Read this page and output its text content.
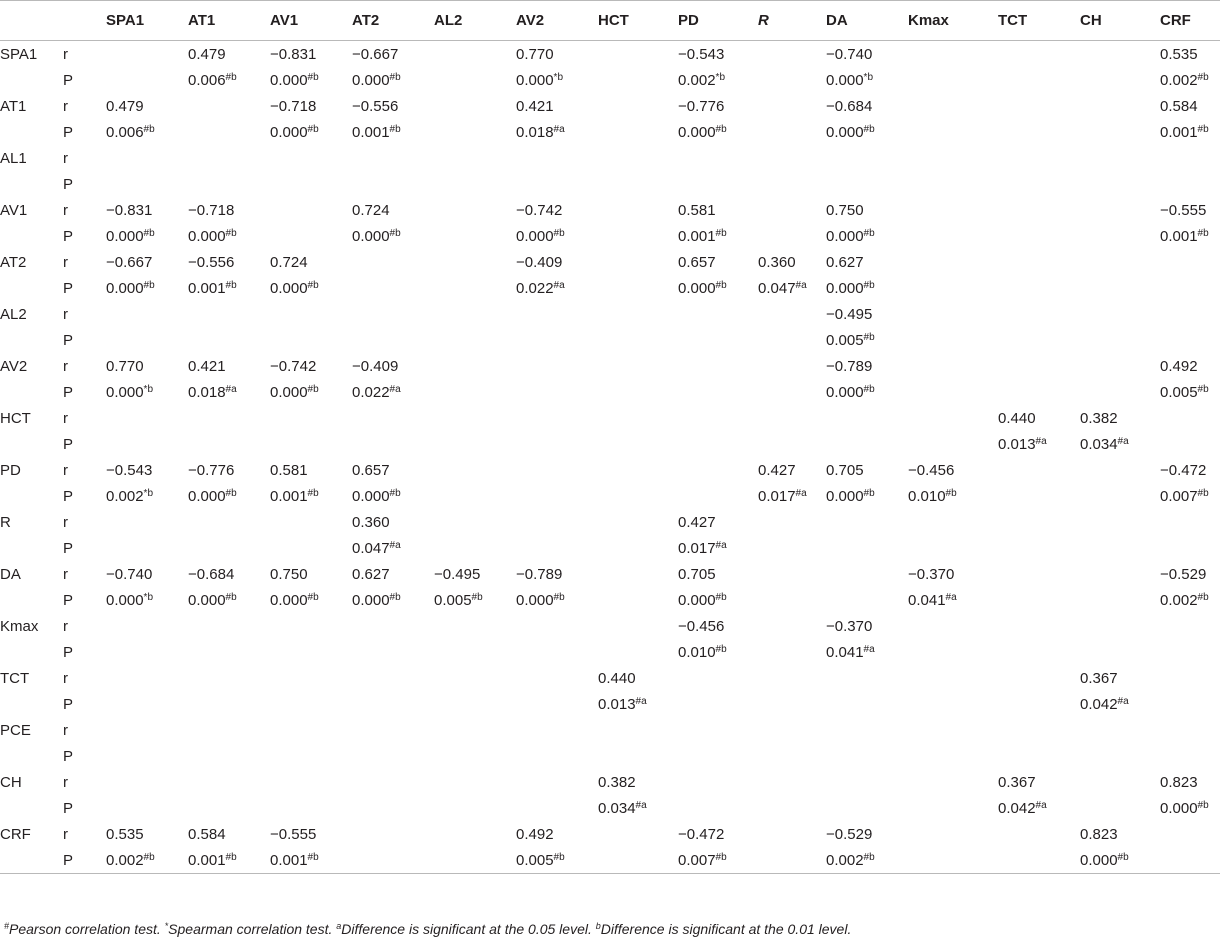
		SPA1	AT1	AV1	AT2	AL2	AV2	HCT	PD	R	DA	Kmax	TCT	CH	CRF
SPA1	r		0.479	−0.831	−0.667		0.770		−0.543		−0.740				0.535
	P		0.006$^{\#b}$	0.000$^{\#b}$	0.000$^{\#b}$		0.000$^{*b}$		0.002$^{*b}$		0.000$^{*b}$				0.002$^{\#b}$
AT1	r	0.479		−0.718	−0.556		0.421		−0.776		−0.684				0.584
	P	0.006$^{\#b}$		0.000$^{\#b}$	0.001$^{\#b}$		0.018$^{\#a}$		0.000$^{\#b}$		0.000$^{\#b}$				0.001$^{\#b}$
AL1	r														
	P														
AV1	r	−0.831	−0.718		0.724		−0.742		0.581		0.750				−0.555
	P	0.000$^{\#b}$	0.000$^{\#b}$		0.000$^{\#b}$		0.000$^{\#b}$		0.001$^{\#b}$		0.000$^{\#b}$				0.001$^{\#b}$
AT2	r	−0.667	−0.556	0.724			−0.409		0.657	0.360	0.627				
	P	0.000$^{\#b}$	0.001$^{\#b}$	0.000$^{\#b}$			0.022$^{\#a}$		0.000$^{\#b}$	0.047$^{\#a}$	0.000$^{\#b}$				
AL2	r										−0.495				
	P										0.005$^{\#b}$				
AV2	r	0.770	0.421	−0.742	−0.409						−0.789				0.492
	P	0.000$^{*b}$	0.018$^{\#a}$	0.000$^{\#b}$	0.022$^{\#a}$						0.000$^{\#b}$				0.005$^{\#b}$
HCT	r												0.440	0.382	
	P												0.013$^{\#a}$	0.034$^{\#a}$	
PD	r	−0.543	−0.776	0.581	0.657					0.427	0.705	−0.456			−0.472
	P	0.002$^{*b}$	0.000$^{\#b}$	0.001$^{\#b}$	0.000$^{\#b}$					0.017$^{\#a}$	0.000$^{\#b}$	0.010$^{\#b}$			0.007$^{\#b}$
R	r				0.360				0.427						
	P				0.047$^{\#a}$				0.017$^{\#a}$						
DA	r	−0.740	−0.684	0.750	0.627	−0.495	−0.789		0.705			−0.370			−0.529
	P	0.000$^{*b}$	0.000$^{\#b}$	0.000$^{\#b}$	0.000$^{\#b}$	0.005$^{\#b}$	0.000$^{\#b}$		0.000$^{\#b}$			0.041$^{\#a}$			0.002$^{\#b}$
Kmax	r								−0.456		−0.370				
	P								0.010$^{\#b}$		0.041$^{\#a}$				
TCT	r							0.440						0.367	
	P							0.013$^{\#a}$						0.042$^{\#a}$	
PCE	r														
	P														
CH	r							0.382					0.367		0.823
	P							0.034$^{\#a}$					0.042$^{\#a}$		0.000$^{\#b}$
CRF	r	0.535	0.584	−0.555			0.492		−0.472		−0.529			0.823	
	P	0.002$^{\#b}$	0.001$^{\#b}$	0.001$^{\#b}$			0.005$^{\#b}$		0.007$^{\#b}$		0.002$^{\#b}$			0.000$^{\#b}$	
#Pearson correlation test. *Spearman correlation test. $^a$Difference is significant at the 0.05 level. $^b$Difference is significant at the 0.01 level.
